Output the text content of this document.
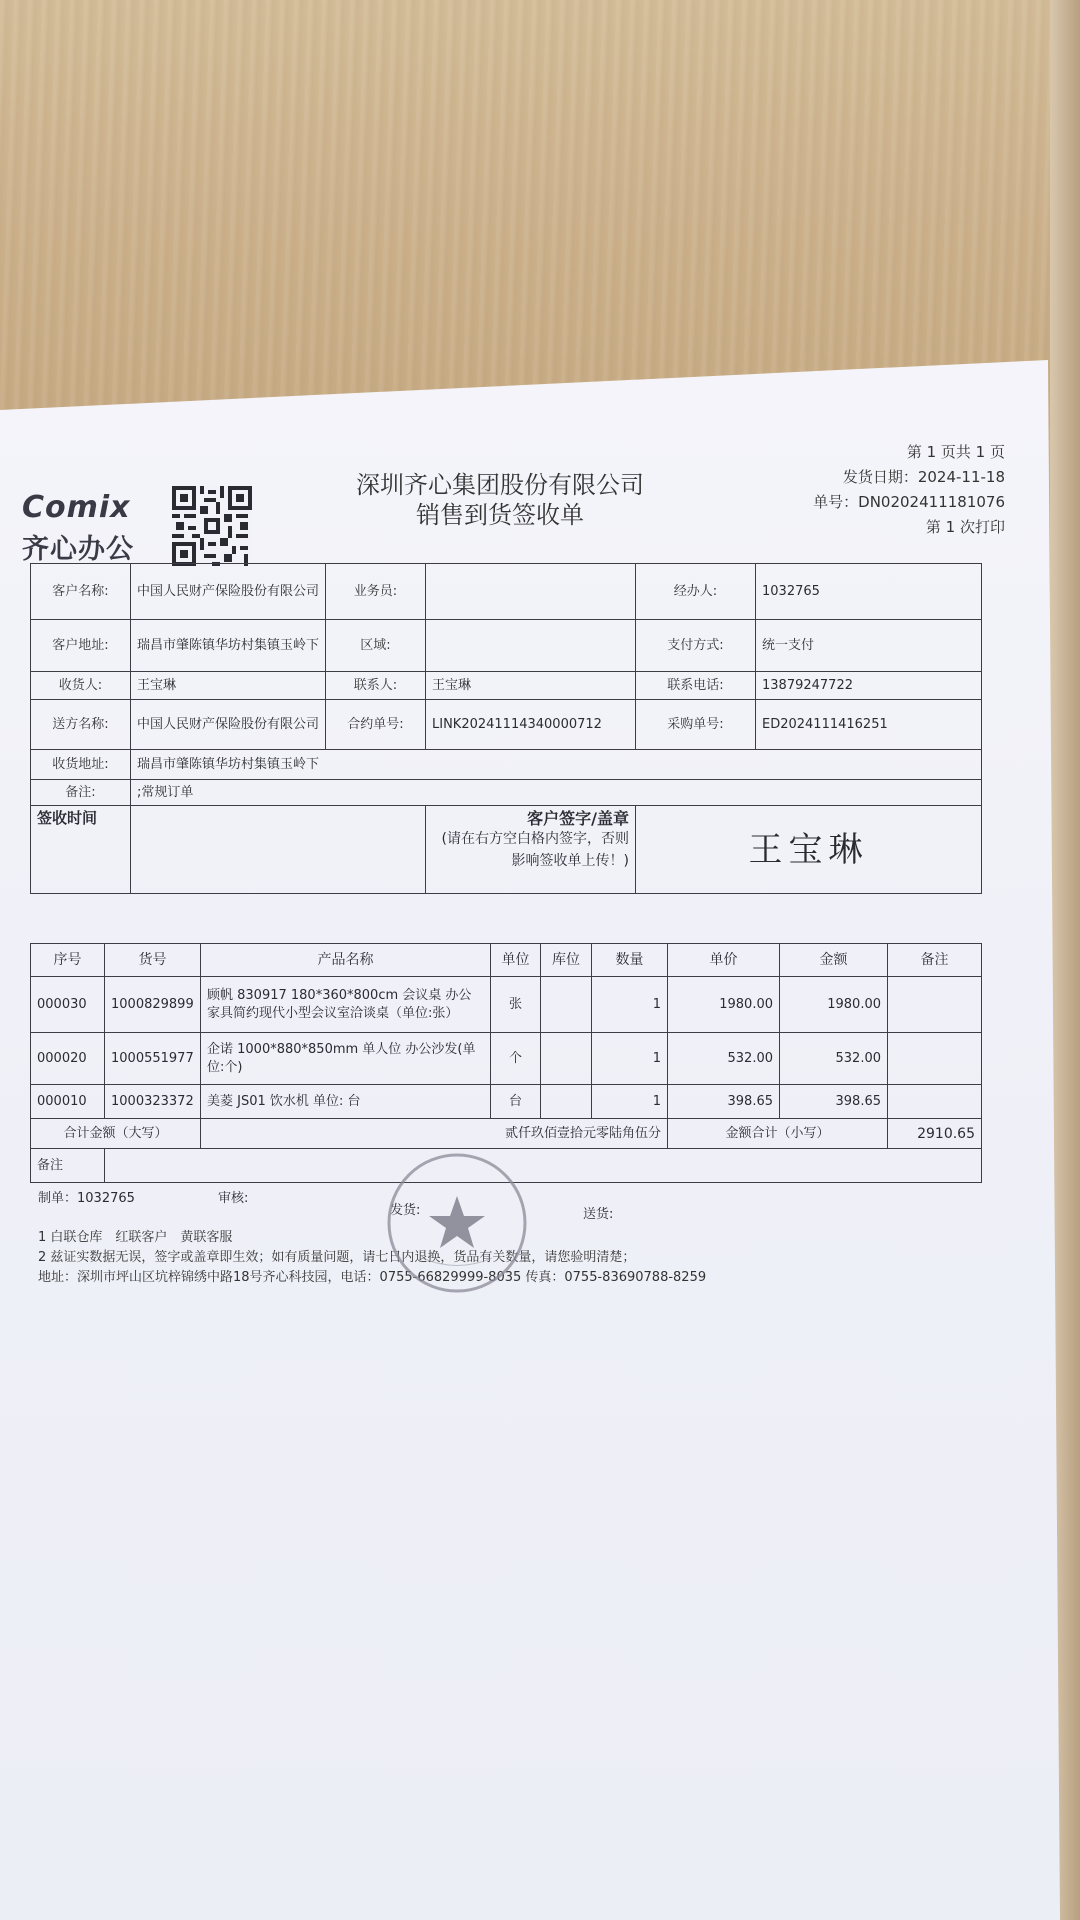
Comix
齐心办公
深圳齐心集团股份有限公司
销售到货签收单
第 1 页共 1 页
发货日期：2024-11-18
单号：DN0202411181076
第 1 次打印
客户名称:	中国人民财产保险股份有限公司	业务员:		经办人:	1032765
客户地址:	瑞昌市肇陈镇华坊村集镇玉岭下	区域:		支付方式:	统一支付
收货人:	王宝琳	联系人:	王宝琳	联系电话:	13879247722
送方名称:	中国人民财产保险股份有限公司	合约单号:	LINK20241114340000712	采购单号:	ED2024111416251
收货地址:	瑞昌市肇陈镇华坊村集镇玉岭下				
备注:	;常规订单				
签收时间			客户签字/盖章
(请在右方空白格内签字，否则影响签收单上传！)	王宝琳	
序号	货号	产品名称	单位	库位	数量	单价	金额	备注
000030	1000829899	顾帆 830917 180*360*800cm 会议桌 办公家具简约现代小型会议室洽谈桌（单位:张）	张		1	1980.00	1980.00	
000020	1000551977	企诺 1000*880*850mm 单人位 办公沙发(单位:个)	个		1	532.00	532.00	
000010	1000323372	美菱 JS01 饮水机 单位: 台	台		1	398.65	398.65	
合计金额（大写）		贰仟玖佰壹拾元零陆角伍分				金额合计（小写）		2910.65
备注								
制单：1032765	审核:
发货:	送货:
1 白联仓库　红联客户　黄联客服
2 兹证实数据无误，签字或盖章即生效；如有质量问题，请七日内退换，货品有关数量，请您验明清楚；
地址：深圳市坪山区坑梓锦绣中路18号齐心科技园，电话：0755-66829999-8035 传真：0755-83690788-8259
